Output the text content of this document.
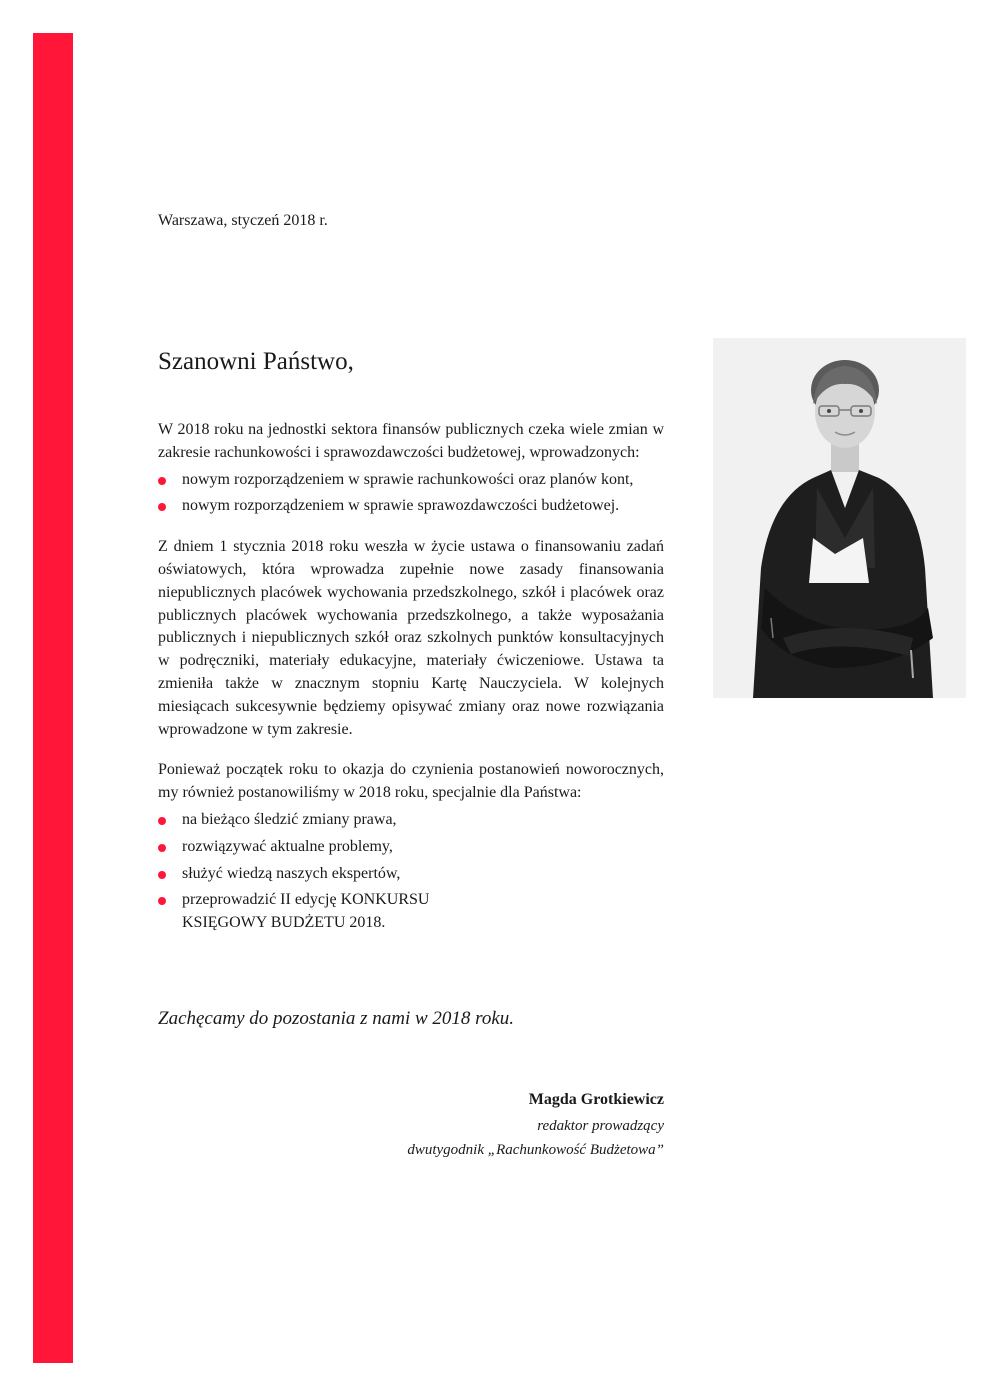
Warszawa, styczeń 2018 r.
Szanowni Państwo,

W 2018 roku na jednostki sektora finansów publicznych czeka wiele zmian w zakresie rachunkowości i sprawozdawczości budżetowej, wprowadzonych:

nowym rozporządzeniem w sprawie rachunkowości oraz planów kont,
nowym rozporządzeniem w sprawie sprawozdawczości budżetowej.

Z dniem 1 stycznia 2018 roku weszła w życie ustawa o finansowaniu zadań oświatowych, która wprowadza zupełnie nowe zasady finansowania niepublicznych placówek wychowania przedszkolnego, szkół i placówek oraz publicznych placówek wychowania przedszkolnego, a także wyposażania publicznych i niepublicznych szkół oraz szkolnych punktów konsultacyjnych w podręczniki, materiały edukacyjne, materiały ćwiczeniowe. Ustawa ta zmieniła także w znacznym stopniu Kartę Nauczyciela. W kolejnych miesiącach sukcesywnie będziemy opisywać zmiany oraz nowe rozwiązania wprowadzone w tym zakresie.

Ponieważ początek roku to okazja do czynienia postanowień noworocznych, my również postanowiliśmy w 2018 roku, specjalnie dla Państwa:

na bieżąco śledzić zmiany prawa,
rozwiązywać aktualne problemy,
służyć wiedzą naszych ekspertów,
przeprowadzić II edycję KONKURSU KSIĘGOWY BUDŻETU 2018.
Zachęcamy do pozostania z nami w 2018 roku.
Magda Grotkiewicz
redaktor prowadzący
dwutygodnik „Rachunkowość Budżetowa”
